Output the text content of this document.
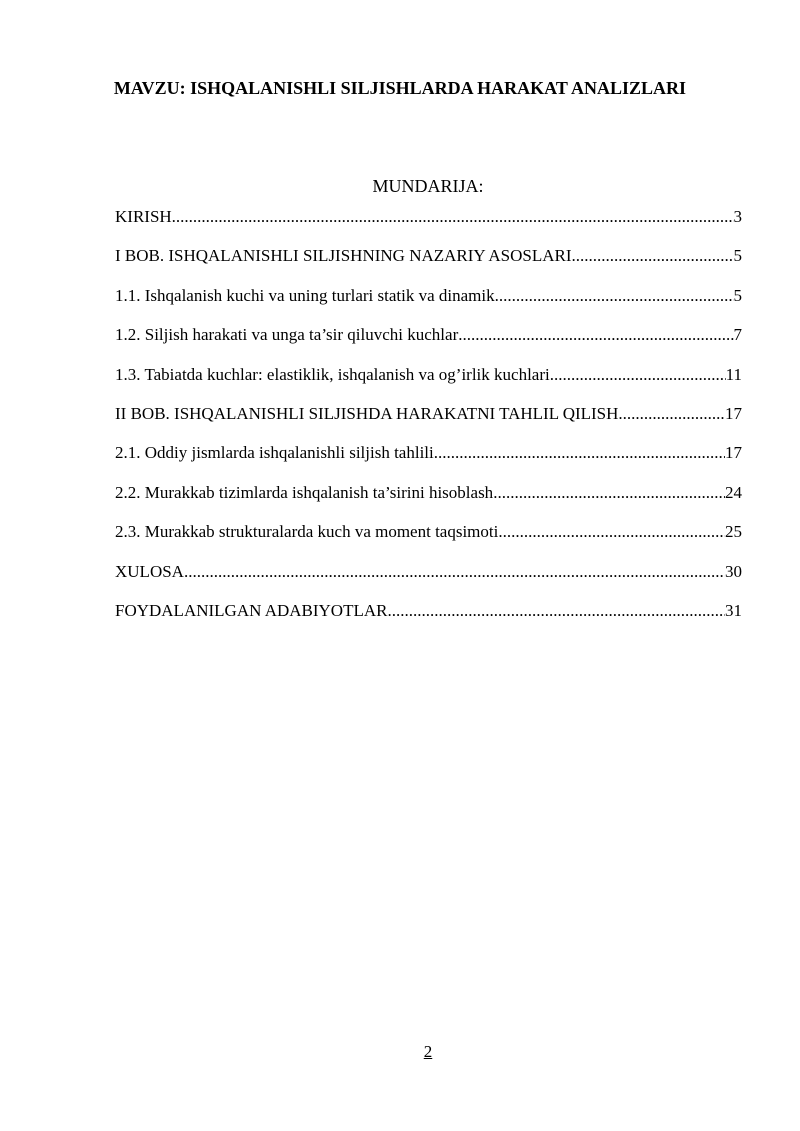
MAVZU: ISHQALANISHLI SILJISHLARDA HARAKAT ANALIZLARI
MUNDARIJA:
KIRISH .....	3
I BOB. ISHQALANISHLI SILJISHNING NAZARIY ASOSLARI .....	5
1.1. Ishqalanish kuchi va uning turlari statik va dinamik .....	5
1.2. Siljish harakati va unga ta’sir qiluvchi kuchlar .....	7
1.3. Tabiatda kuchlar: elastiklik, ishqalanish va og’irlik kuchlari .....	11
II BOB. ISHQALANISHLI SILJISHDA HARAKATNI TAHLIL QILISH .....	17
2.1. Oddiy jismlarda ishqalanishli siljish tahlili .....	17
2.2. Murakkab tizimlarda ishqalanish ta’sirini hisoblash .....	24
2.3. Murakkab strukturalarda kuch va moment taqsimoti .....	25
XULOSA .....	30
FOYDALANILGAN ADABIYOTLAR .....	31
2
